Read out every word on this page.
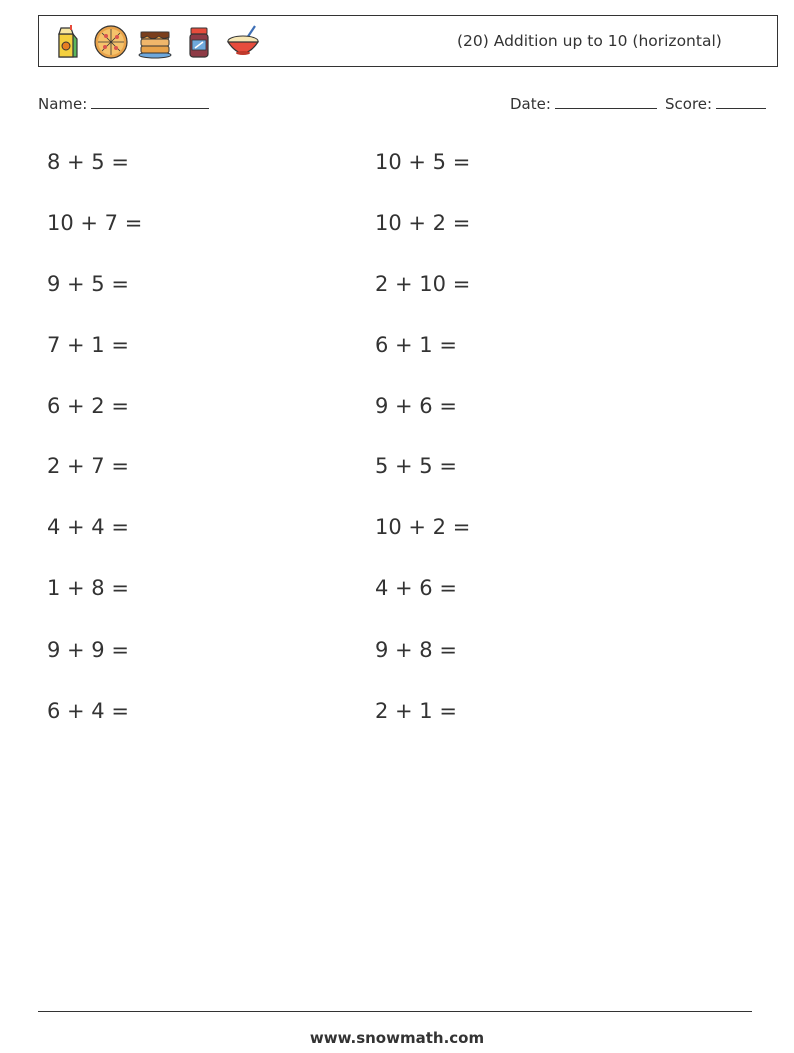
(20) Addition up to 10 (horizontal)
Name:	Date:	Score:
8 + 5 =
10 + 7 =
9 + 5 =
7 + 1 =
6 + 2 =
2 + 7 =
4 + 4 =
1 + 8 =
9 + 9 =
6 + 4 =
10 + 5 =
10 + 2 =
2 + 10 =
6 + 1 =
9 + 6 =
5 + 5 =
10 + 2 =
4 + 6 =
9 + 8 =
2 + 1 =
www.snowmath.com
